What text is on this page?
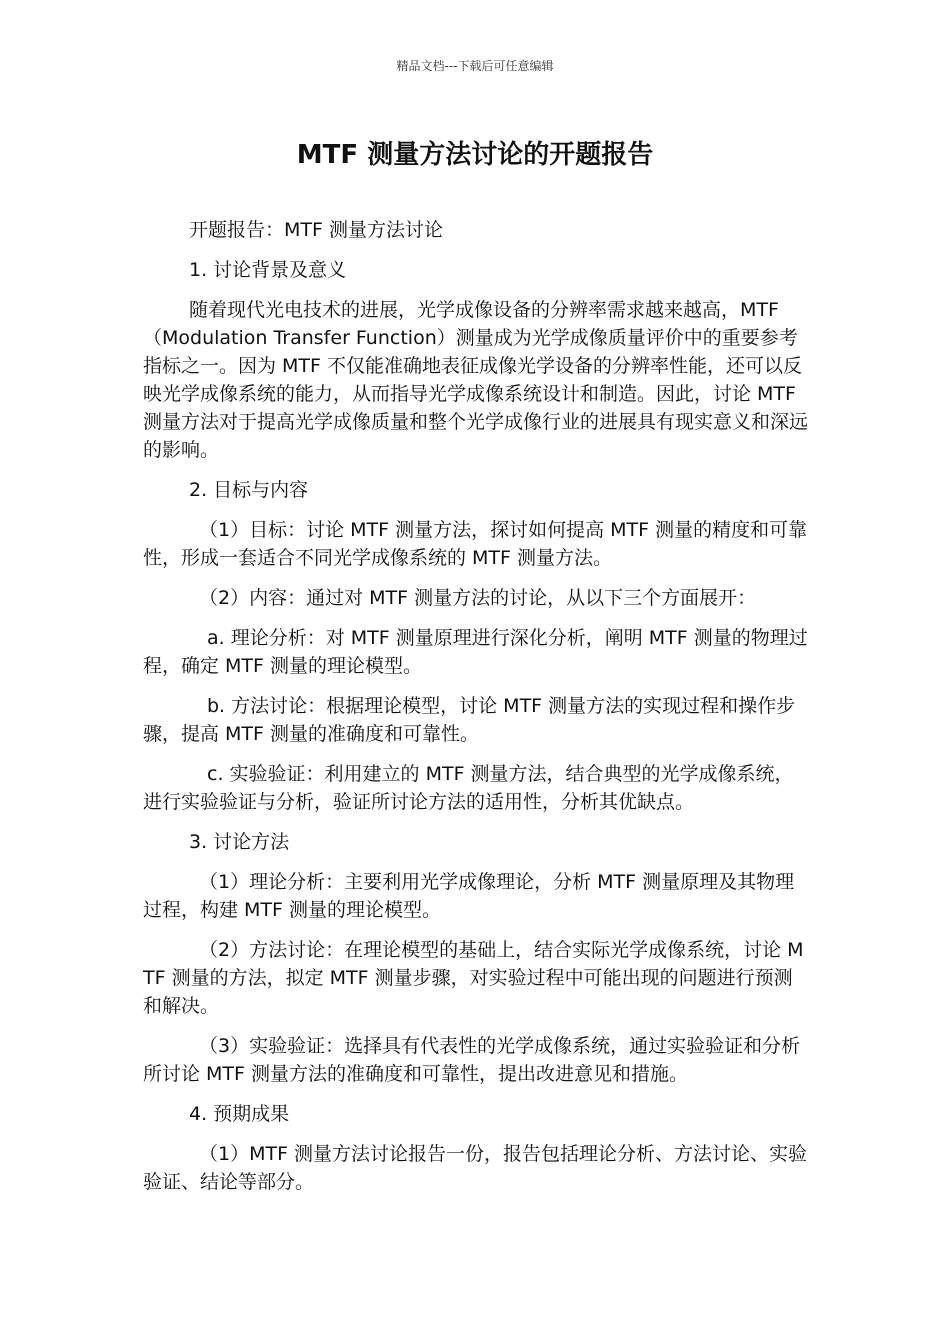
精品文档---下载后可任意编辑
MTF 测量方法讨论的开题报告

开题报告：MTF 测量方法讨论

1. 讨论背景及意义

随着现代光电技术的进展，光学成像设备的分辨率需求越来越高，MTF（Modulation Transfer Function）测量成为光学成像质量评价中的重要参考指标之一。因为 MTF 不仅能准确地表征成像光学设备的分辨率性能，还可以反映光学成像系统的能力，从而指导光学成像系统设计和制造。因此，讨论 MTF 测量方法对于提高光学成像质量和整个光学成像行业的进展具有现实意义和深远的影响。

2. 目标与内容

（1）目标：讨论 MTF 测量方法，探讨如何提高 MTF 测量的精度和可靠性，形成一套适合不同光学成像系统的 MTF 测量方法。

（2）内容：通过对 MTF 测量方法的讨论，从以下三个方面展开：

a. 理论分析：对 MTF 测量原理进行深化分析，阐明 MTF 测量的物理过程，确定 MTF 测量的理论模型。

b. 方法讨论：根据理论模型，讨论 MTF 测量方法的实现过程和操作步骤，提高 MTF 测量的准确度和可靠性。

c. 实验验证：利用建立的 MTF 测量方法，结合典型的光学成像系统，进行实验验证与分析，验证所讨论方法的适用性，分析其优缺点。

3. 讨论方法

（1）理论分析：主要利用光学成像理论，分析 MTF 测量原理及其物理过程，构建 MTF 测量的理论模型。

（2）方法讨论：在理论模型的基础上，结合实际光学成像系统，讨论 MTF 测量的方法，拟定 MTF 测量步骤，对实验过程中可能出现的问题进行预测和解决。

（3）实验验证：选择具有代表性的光学成像系统，通过实验验证和分析所讨论 MTF 测量方法的准确度和可靠性，提出改进意见和措施。

4. 预期成果

（1）MTF 测量方法讨论报告一份，报告包括理论分析、方法讨论、实验验证、结论等部分。
